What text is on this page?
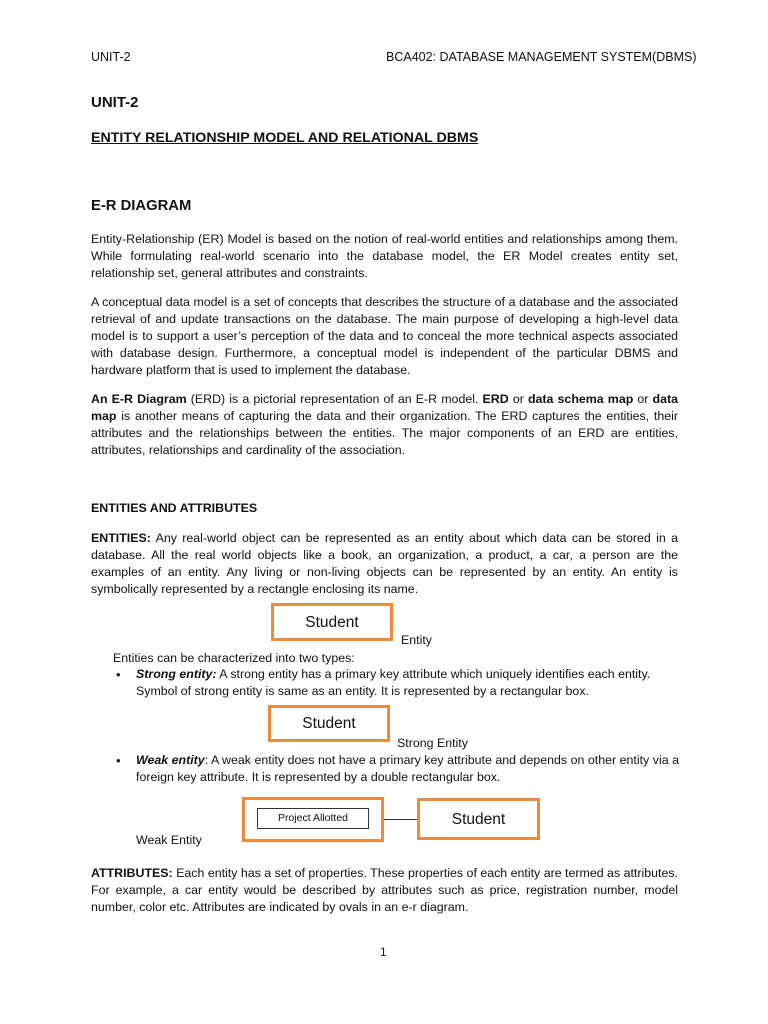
UNIT-2	BCA402: DATABASE MANAGEMENT SYSTEM(DBMS)
UNIT-2
ENTITY RELATIONSHIP MODEL AND RELATIONAL DBMS
E-R DIAGRAM
Entity-Relationship (ER) Model is based on the notion of real-world entities and relationships among them. While formulating real-world scenario into the database model, the ER Model creates entity set, relationship set, general attributes and constraints.
A conceptual data model is a set of concepts that describes the structure of a database and the associated retrieval of and update transactions on the database. The main purpose of developing a high-level data model is to support a user’s perception of the data and to conceal the more technical aspects associated with database design. Furthermore, a conceptual model is independent of the particular DBMS and hardware platform that is used to implement the database.
An E-R Diagram (ERD) is a pictorial representation of an E-R model. ERD or data schema map or data map is another means of capturing the data and their organization. The ERD captures the entities, their attributes and the relationships between the entities. The major components of an ERD are entities, attributes, relationships and cardinality of the association.
ENTITIES AND ATTRIBUTES
ENTITIES: Any real-world object can be represented as an entity about which data can be stored in a database. All the real world objects like a book, an organization, a product, a car, a person are the examples of an entity. Any living or non-living objects can be represented by an entity. An entity is symbolically represented by a rectangle enclosing its name.
Student
Entity
Entities can be characterized into two types:
• Strong entity: A strong entity has a primary key attribute which uniquely identifies each entity. Symbol of strong entity is same as an entity. It is represented by a rectangular box.
Student
Strong Entity
• Weak entity: A weak entity does not have a primary key attribute and depends on other entity via a foreign key attribute. It is represented by a double rectangular box.
Project Allotted	Student
Weak Entity
ATTRIBUTES: Each entity has a set of properties. These properties of each entity are termed as attributes. For example, a car entity would be described by attributes such as price, registration number, model number, color etc. Attributes are indicated by ovals in an e-r diagram.
1
